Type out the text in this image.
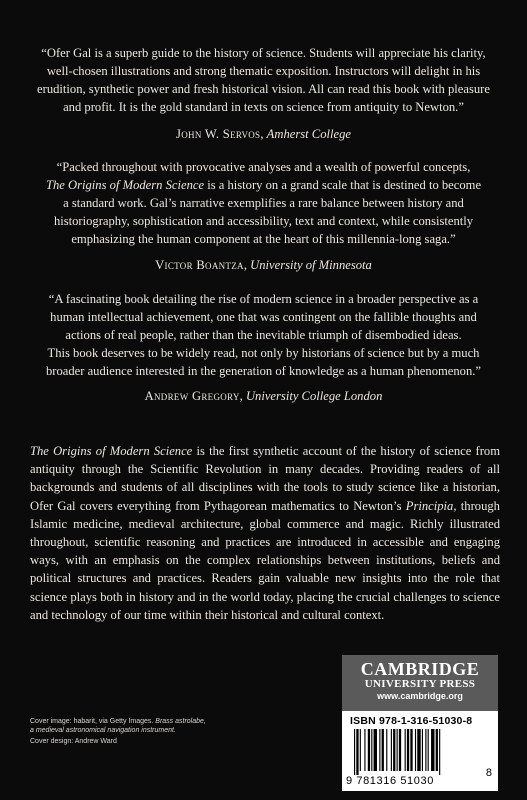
“Ofer Gal is a superb guide to the history of science. Students will appreciate his clarity,

well-chosen illustrations and strong thematic exposition. Instructors will delight in his

erudition, synthetic power and fresh historical vision. All can read this book with pleasure

and profit. It is the gold standard in texts on science from antiquity to Newton.”

John W. Servos, Amherst College

“Packed throughout with provocative analyses and a wealth of powerful concepts,

The Origins of Modern Science is a history on a grand scale that is destined to become

a standard work. Gal’s narrative exemplifies a rare balance between history and

historiography, sophistication and accessibility, text and context, while consistently

emphasizing the human component at the heart of this millennia-long saga.”

Victor Boantza, University of Minnesota

“A fascinating book detailing the rise of modern science in a broader perspective as a

human intellectual achievement, one that was contingent on the fallible thoughts and

actions of real people, rather than the inevitable triumph of disembodied ideas.

This book deserves to be widely read, not only by historians of science but by a much

broader audience interested in the generation of knowledge as a human phenomenon.”

Andrew Gregory, University College London

The Origins of Modern Science is the first synthetic account of the history of science from antiquity through the Scientific Revolution in many decades. Providing readers of all backgrounds and students of all disciplines with the tools to study science like a historian, Ofer Gal covers everything from Pythagorean mathematics to Newton’s Principia, through Islamic medicine, medieval architecture, global commerce and magic. Richly illustrated throughout, scientific reasoning and practices are introduced in accessible and engaging ways, with an emphasis on the complex relationships between institutions, beliefs and political structures and practices. Readers gain valuable new insights into the role that science plays both in history and in the world today, placing the crucial challenges to science and technology of our time within their historical and cultural context.

Cover image: habarit, via Getty Images. Brass astrolabe,
a medieval astronomical navigation instrument.
Cover design: Andrew Ward
CAMBRIDGE
UNIVERSITY PRESS
www.cambridge.org
ISBN 978-1-316-51030-8
9 781316 51030
8
